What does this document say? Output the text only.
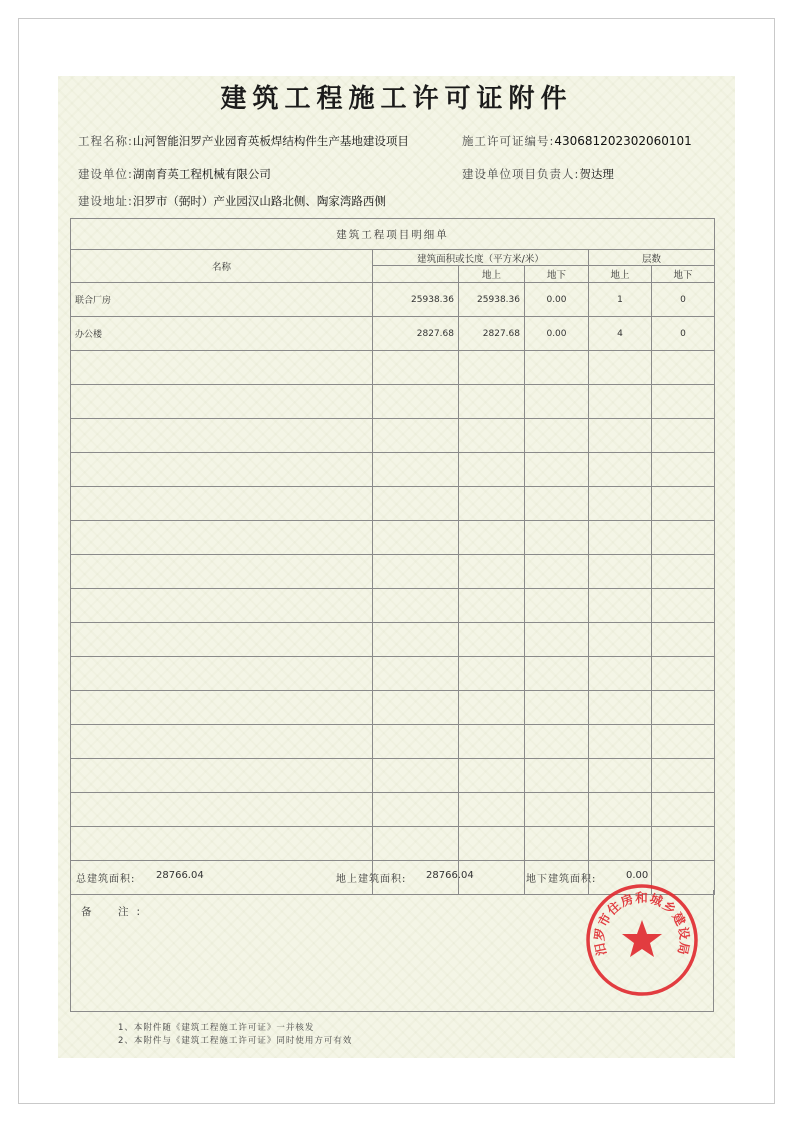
建筑工程施工许可证附件
工程名称:山河智能汨罗产业园育英板焊结构件生产基地建设项目	施工许可证编号:430681202302060101
建设单位:湖南育英工程机械有限公司	建设单位项目负责人:贺达理
建设地址:汨罗市（弼时）产业园汉山路北侧、陶家湾路西侧
建筑工程项目明细单					
名称	建筑面积或长度（平方米/米）			层数	
		地上	地下	地上	地下
联合厂房	25938.36	25938.36	0.00	1	0
办公楼	2827.68	2827.68	0.00	4	0

总建筑面积: 28766.04	地上建筑面积: 28766.04	地下建筑面积:	0.00
备　注:
汨罗市住房和城乡建设局
1、本附件随《建筑工程施工许可证》一并核发
2、本附件与《建筑工程施工许可证》同时使用方可有效
